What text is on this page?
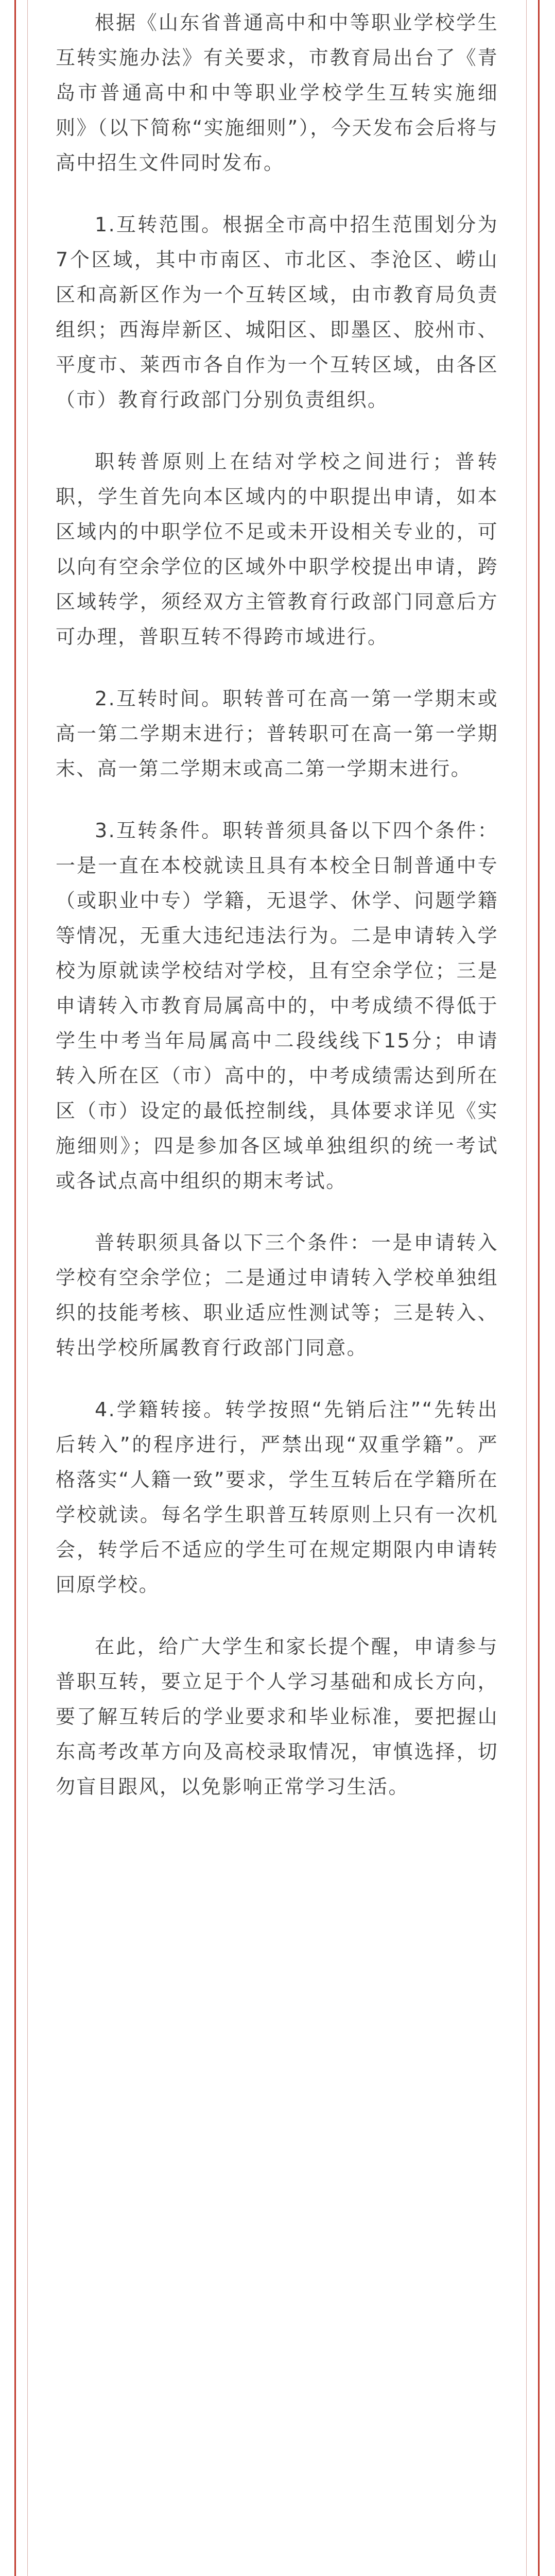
根据《山东省普通高中和中等职业学校学生互转实施办法》有关要求，市教育局出台了《青岛市普通高中和中等职业学校学生互转实施细则》（以下简称“实施细则”），今天发布会后将与高中招生文件同时发布。

1.互转范围。根据全市高中招生范围划分为7个区域，其中市南区、市北区、李沧区、崂山区和高新区作为一个互转区域，由市教育局负责组织；西海岸新区、城阳区、即墨区、胶州市、平度市、莱西市各自作为一个互转区域，由各区（市）教育行政部门分别负责组织。

职转普原则上在结对学校之间进行；普转职，学生首先向本区域内的中职提出申请，如本区域内的中职学位不足或未开设相关专业的，可以向有空余学位的区域外中职学校提出申请，跨区域转学，须经双方主管教育行政部门同意后方可办理，普职互转不得跨市域进行。

2.互转时间。职转普可在高一第一学期末或高一第二学期末进行；普转职可在高一第一学期末、高一第二学期末或高二第一学期末进行。

3.互转条件。职转普须具备以下四个条件：一是一直在本校就读且具有本校全日制普通中专（或职业中专）学籍，无退学、休学、问题学籍等情况，无重大违纪违法行为。二是申请转入学校为原就读学校结对学校，且有空余学位；三是申请转入市教育局属高中的，中考成绩不得低于学生中考当年局属高中二段线线下15分；申请转入所在区（市）高中的，中考成绩需达到所在区（市）设定的最低控制线，具体要求详见《实施细则》；四是参加各区域单独组织的统一考试或各试点高中组织的期末考试。

普转职须具备以下三个条件：一是申请转入学校有空余学位；二是通过申请转入学校单独组织的技能考核、职业适应性测试等；三是转入、转出学校所属教育行政部门同意。

4.学籍转接。转学按照“先销后注”“先转出后转入”的程序进行，严禁出现“双重学籍”。严格落实“人籍一致”要求，学生互转后在学籍所在学校就读。每名学生职普互转原则上只有一次机会，转学后不适应的学生可在规定期限内申请转回原学校。

在此，给广大学生和家长提个醒，申请参与普职互转，要立足于个人学习基础和成长方向，要了解互转后的学业要求和毕业标准，要把握山东高考改革方向及高校录取情况，审慎选择，切勿盲目跟风，以免影响正常学习生活。
